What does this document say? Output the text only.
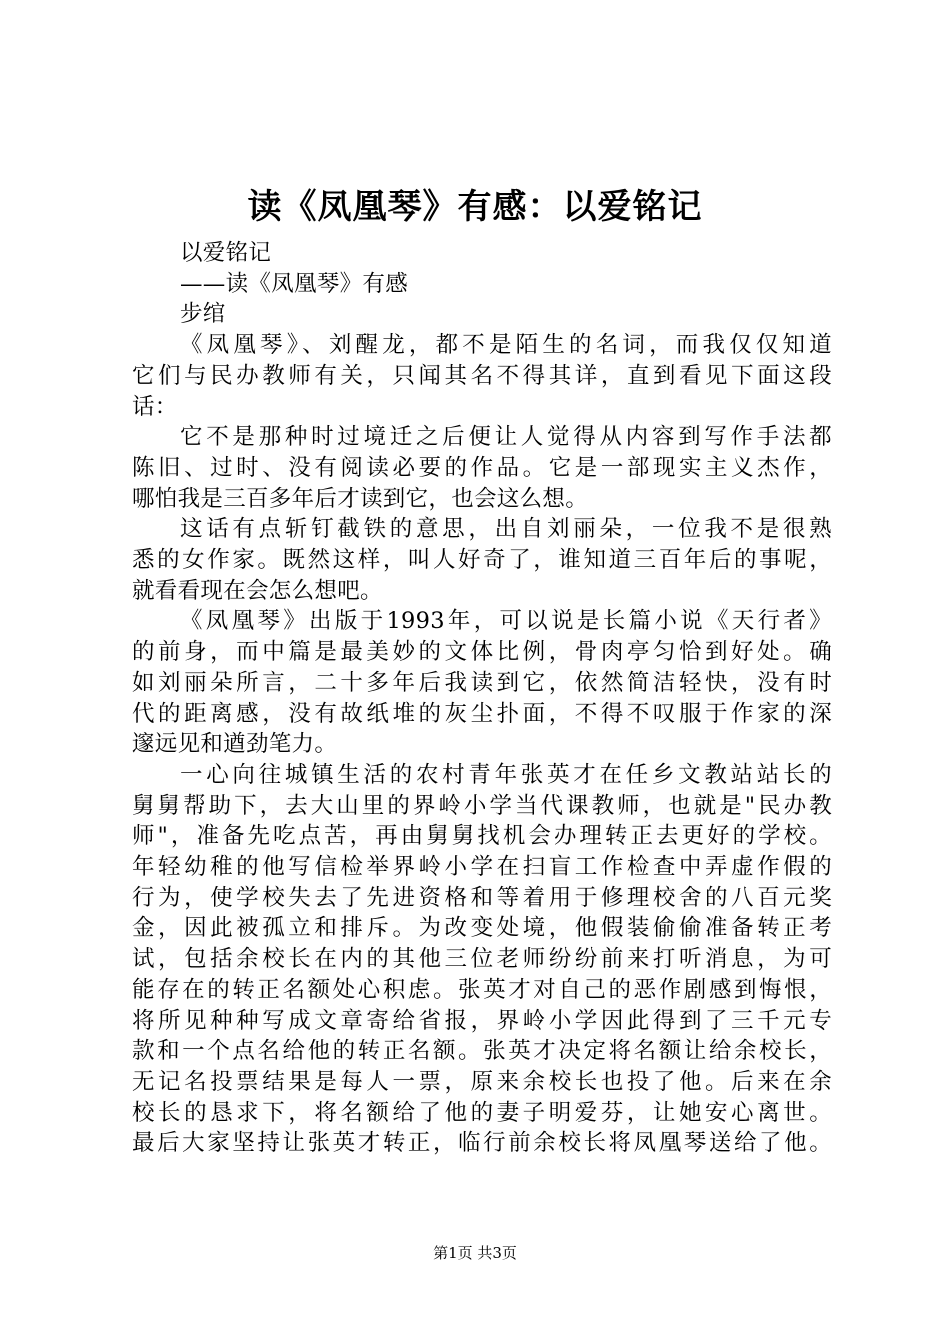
读《凤凰琴》有感：以爱铭记

以爱铭记

——读《凤凰琴》有感

步绾

《凤凰琴》、刘醒龙，都不是陌生的名词，而我仅仅知道

它们与民办教师有关，只闻其名不得其详，直到看见下面这段

话：

它不是那种时过境迁之后便让人觉得从内容到写作手法都

陈旧、过时、没有阅读必要的作品。它是一部现实主义杰作，

哪怕我是三百多年后才读到它，也会这么想。

这话有点斩钉截铁的意思，出自刘丽朵，一位我不是很熟

悉的女作家。既然这样，叫人好奇了，谁知道三百年后的事呢，

就看看现在会怎么想吧。

《凤凰琴》出版于1993年，可以说是长篇小说《天行者》

的前身，而中篇是最美妙的文体比例，骨肉亭匀恰到好处。确

如刘丽朵所言，二十多年后我读到它，依然简洁轻快，没有时

代的距离感，没有故纸堆的灰尘扑面，不得不叹服于作家的深

邃远见和遒劲笔力。

一心向往城镇生活的农村青年张英才在任乡文教站站长的

舅舅帮助下，去大山里的界岭小学当代课教师，也就是"民办教

师"，准备先吃点苦，再由舅舅找机会办理转正去更好的学校。

年轻幼稚的他写信检举界岭小学在扫盲工作检查中弄虚作假的

行为，使学校失去了先进资格和等着用于修理校舍的八百元奖

金，因此被孤立和排斥。为改变处境，他假装偷偷准备转正考

试，包括余校长在内的其他三位老师纷纷前来打听消息，为可

能存在的转正名额处心积虑。张英才对自己的恶作剧感到悔恨，

将所见种种写成文章寄给省报，界岭小学因此得到了三千元专

款和一个点名给他的转正名额。张英才决定将名额让给余校长，

无记名投票结果是每人一票，原来余校长也投了他。后来在余

校长的恳求下，将名额给了他的妻子明爱芬，让她安心离世。

最后大家坚持让张英才转正，临行前余校长将凤凰琴送给了他。

第1页 共3页
